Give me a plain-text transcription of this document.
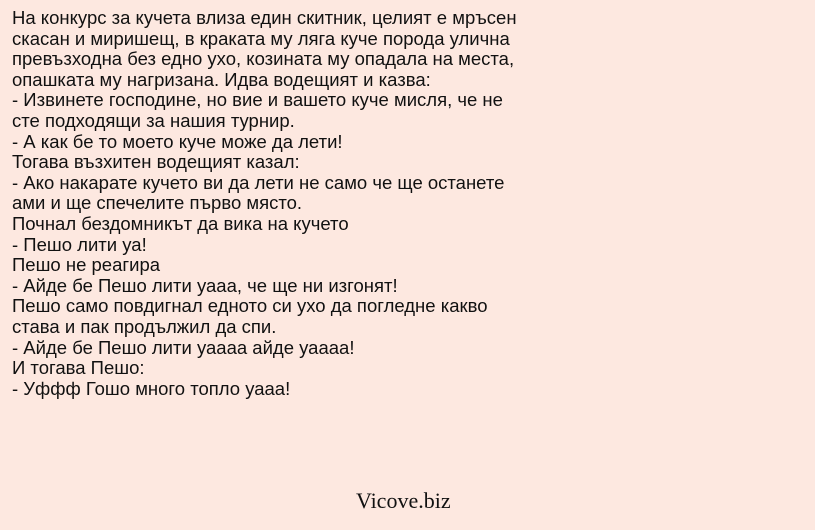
На конкурс за кучета влиза един скитник, целият е мръсен
скасан и миришещ, в краката му ляга куче порода улична
превъзходна без едно ухо, козината му опадала на места,
опашката му нагризана. Идва водещият и казва:
- Извинете господине, но вие и вашето куче мисля, че не
сте подходящи за нашия турнир.
- А как бе то моето куче може да лети!
Тогава възхитен водещият казал:
- Ако накарате кучето ви да лети не само че ще останете
ами и ще спечелите първо място.
Почнал бездомникът да вика на кучето
- Пешо лити уа!
Пешо не реагира
- Айде бе Пешо лити уааа, че ще ни изгонят!
Пешо само повдигнал едното си ухо да погледне какво
става и пак продължил да спи.
- Айде бе Пешо лити уаааа айде уаааа!
И тогава Пешо:
- Уффф Гошо много топло уааа!
Vicove.biz
